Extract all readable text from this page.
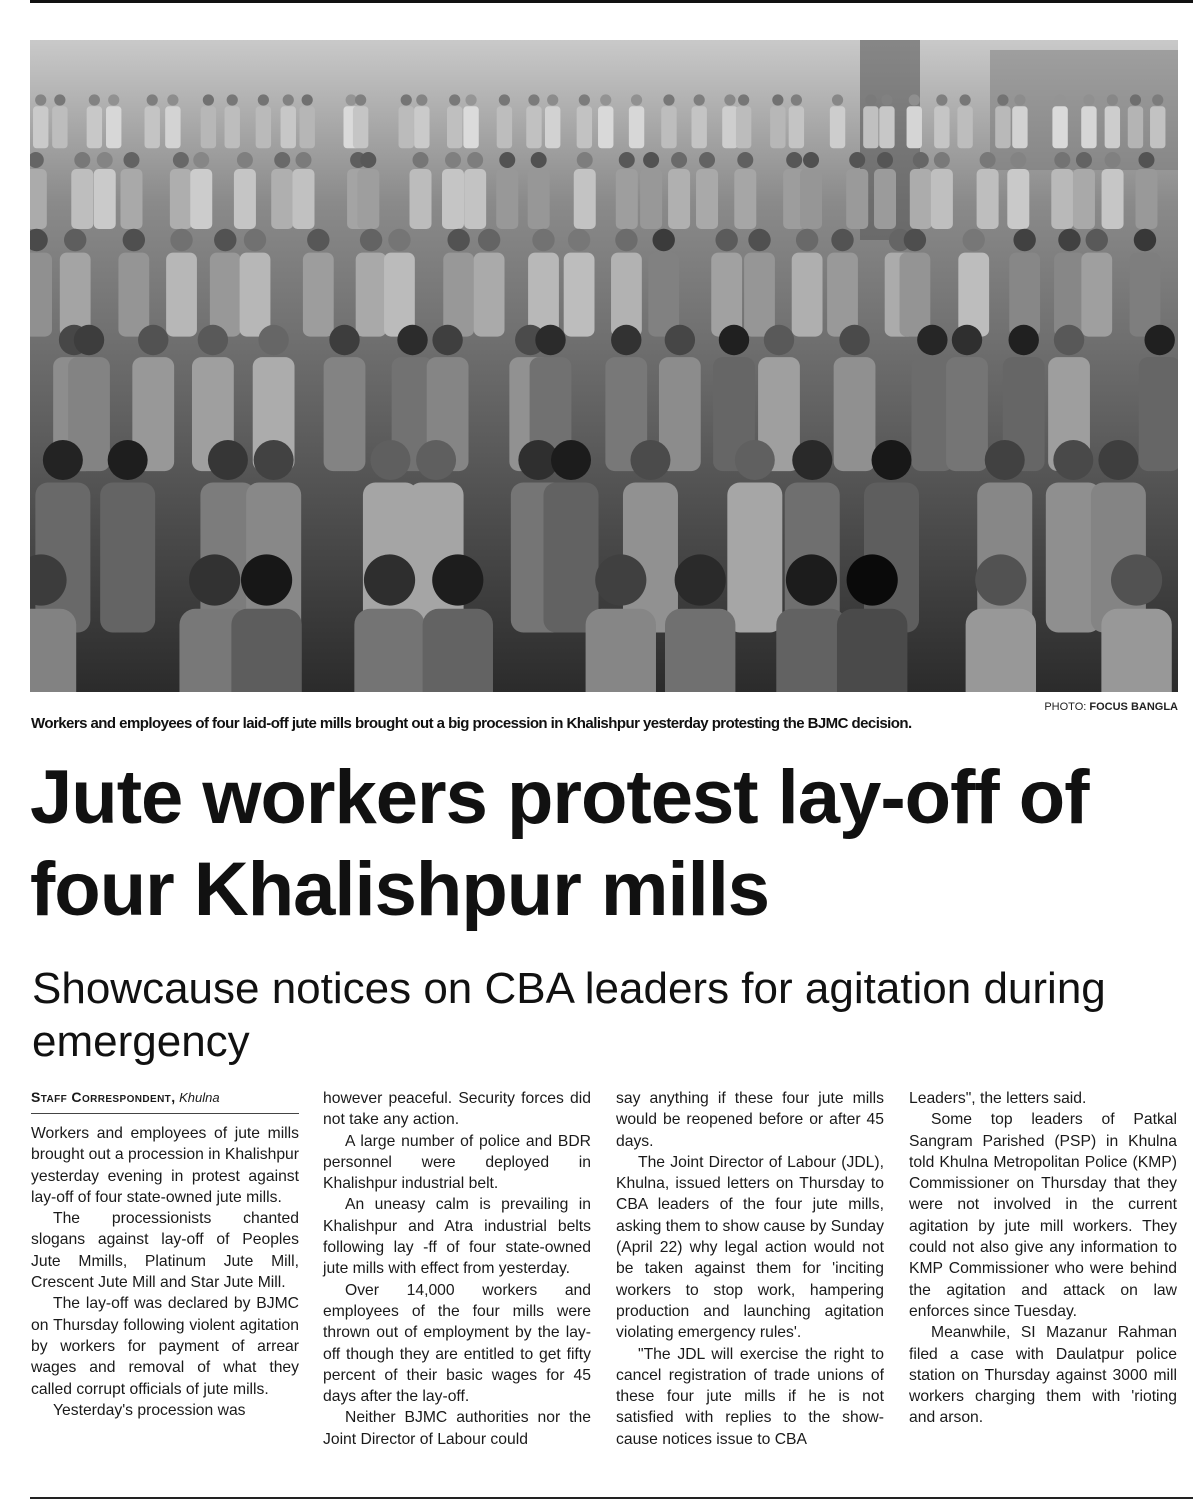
PHOTO: FOCUS BANGLA
Workers and employees of four laid-off jute mills brought out a big procession in Khalishpur yesterday protesting the BJMC decision.
Jute workers protest lay-off of four Khalishpur mills
Showcause notices on CBA leaders for agitation during emergency
Staff Correspondent, Khulna

Workers and employees of jute mills brought out a procession in Khalishpur yesterday evening in protest against lay-off of four state-owned jute mills.

The processionists chanted slogans against lay-off of Peoples Jute Mmills, Platinum Jute Mill, Crescent Jute Mill and Star Jute Mill.

The lay-off was declared by BJMC on Thursday following violent agitation by workers for payment of arrear wages and removal of what they called corrupt officials of jute mills.

Yesterday's procession was

however peaceful. Security forces did not take any action.

A large number of police and BDR personnel were deployed in Khalishpur industrial belt.

An uneasy calm is prevailing in Khalishpur and Atra industrial belts following lay -ff of four state-owned jute mills with effect from yesterday.

Over 14,000 workers and employees of the four mills were thrown out of employment by the lay-off though they are entitled to get fifty percent of their basic wages for 45 days after the lay-off.

Neither BJMC authorities nor the Joint Director of Labour could

say anything if these four jute mills would be reopened before or after 45 days.

The Joint Director of Labour (JDL), Khulna, issued letters on Thursday to CBA leaders of the four jute mills, asking them to show cause by Sunday (April 22) why legal action would not be taken against them for 'inciting workers to stop work, hampering production and launching agitation violating emergency rules'.

"The JDL will exercise the right to cancel registration of trade unions of these four jute mills if he is not satisfied with replies to the show- cause notices issue to CBA

Leaders", the letters said.

Some top leaders of Patkal Sangram Parished (PSP) in Khulna told Khulna Metropolitan Police (KMP) Commissioner on Thursday that they were not involved in the current agitation by jute mill workers. They could not also give any information to KMP Commissioner who were behind the agitation and attack on law enforces since Tuesday.

Meanwhile, SI Mazanur Rahman filed a case with Daulatpur police station on Thursday against 3000 mill workers charging them with 'rioting and arson.
